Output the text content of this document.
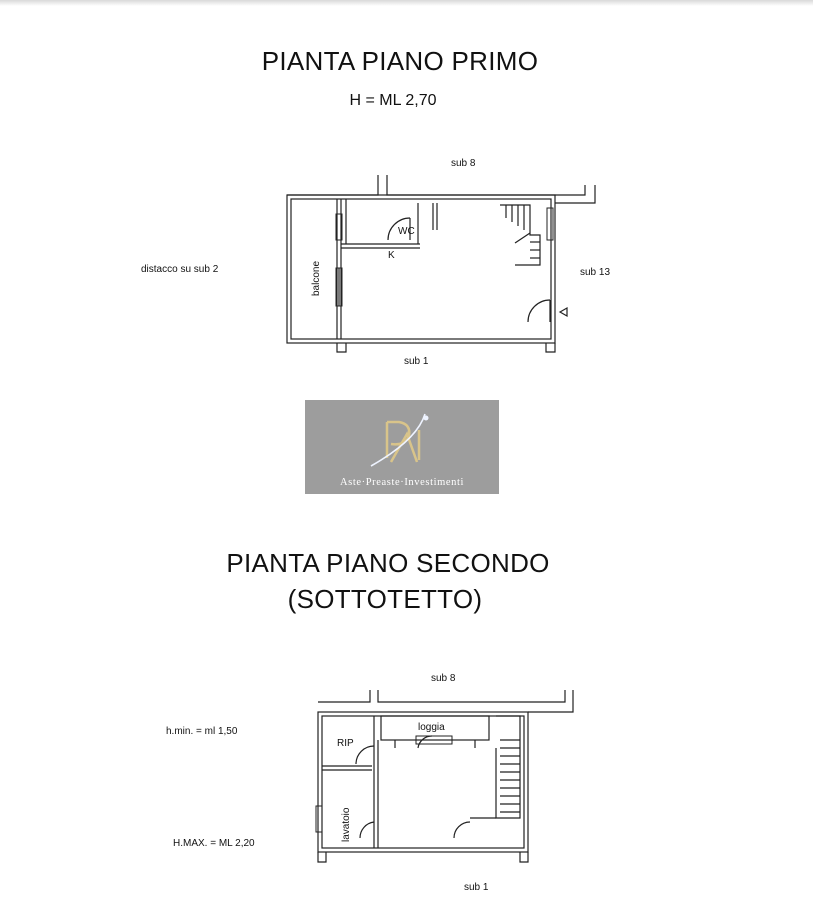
PIANTA PIANO PRIMO
H = ML 2,70
sub 8
sub 1
sub 13
distacco su sub 2
WC
K
balcone
Aste·Preaste·Investimenti
PIANTA PIANO SECONDO
(SOTTOTETTO)
sub 8
sub 1
h.min. = ml 1,50
H.MAX. = ML 2,20
RIP
loggia
lavatoio
